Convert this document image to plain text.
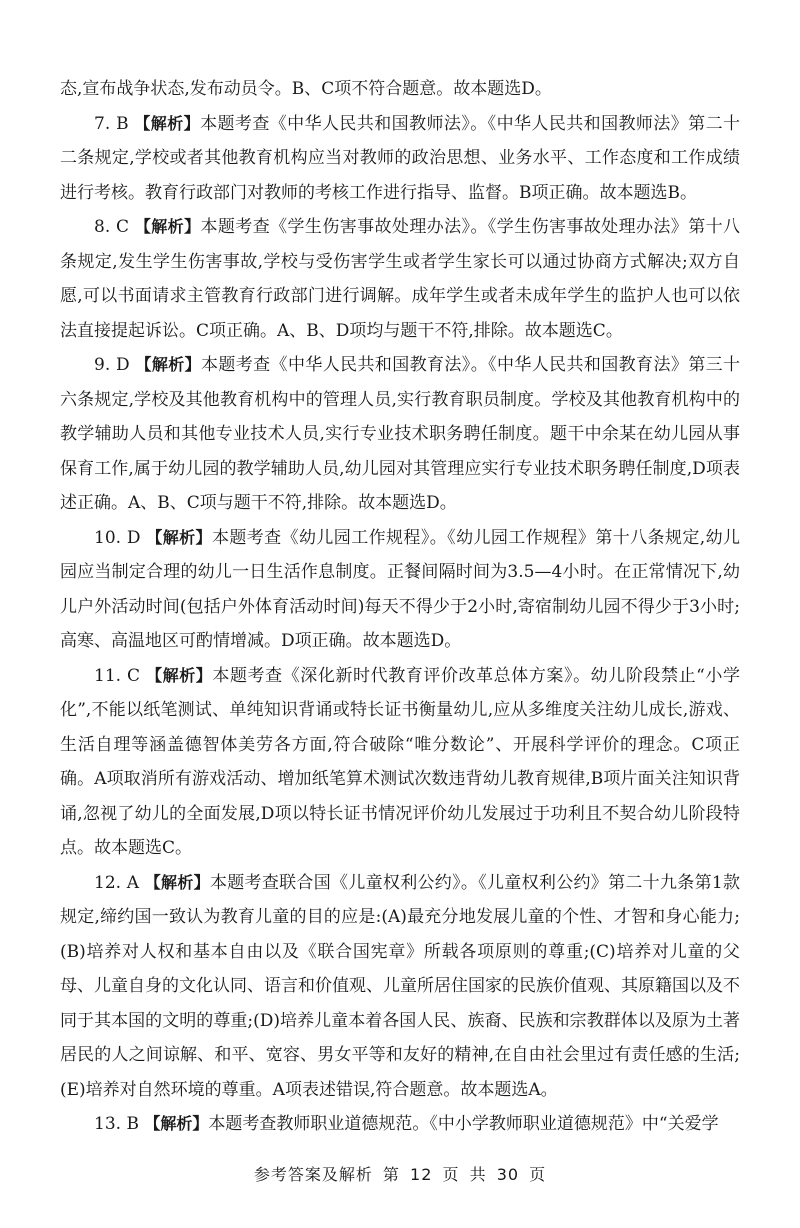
态,宣布战争状态,发布动员令。B、C项不符合题意。故本题选D。

7. B 【解析】本题考查《中华人民共和国教师法》。《中华人民共和国教师法》第二十二条规定,学校或者其他教育机构应当对教师的政治思想、业务水平、工作态度和工作成绩进行考核。教育行政部门对教师的考核工作进行指导、监督。B项正确。故本题选B。

8. C 【解析】本题考查《学生伤害事故处理办法》。《学生伤害事故处理办法》第十八条规定,发生学生伤害事故,学校与受伤害学生或者学生家长可以通过协商方式解决;双方自愿,可以书面请求主管教育行政部门进行调解。成年学生或者未成年学生的监护人也可以依法直接提起诉讼。C项正确。A、B、D项均与题干不符,排除。故本题选C。

9. D 【解析】本题考查《中华人民共和国教育法》。《中华人民共和国教育法》第三十六条规定,学校及其他教育机构中的管理人员,实行教育职员制度。学校及其他教育机构中的教学辅助人员和其他专业技术人员,实行专业技术职务聘任制度。题干中余某在幼儿园从事保育工作,属于幼儿园的教学辅助人员,幼儿园对其管理应实行专业技术职务聘任制度,D项表述正确。A、B、C项与题干不符,排除。故本题选D。

10. D 【解析】本题考查《幼儿园工作规程》。《幼儿园工作规程》第十八条规定,幼儿园应当制定合理的幼儿一日生活作息制度。正餐间隔时间为3.5—4小时。在正常情况下,幼儿户外活动时间(包括户外体育活动时间)每天不得少于2小时,寄宿制幼儿园不得少于3小时;高寒、高温地区可酌情增减。D项正确。故本题选D。

11. C 【解析】本题考查《深化新时代教育评价改革总体方案》。幼儿阶段禁止“小学化”,不能以纸笔测试、单纯知识背诵或特长证书衡量幼儿,应从多维度关注幼儿成长,游戏、生活自理等涵盖德智体美劳各方面,符合破除“唯分数论”、开展科学评价的理念。C项正确。A项取消所有游戏活动、增加纸笔算术测试次数违背幼儿教育规律,B项片面关注知识背诵,忽视了幼儿的全面发展,D项以特长证书情况评价幼儿发展过于功利且不契合幼儿阶段特点。故本题选C。

12. A 【解析】本题考查联合国《儿童权利公约》。《儿童权利公约》第二十九条第1款规定,缔约国一致认为教育儿童的目的应是:(A)最充分地发展儿童的个性、才智和身心能力;(B)培养对人权和基本自由以及《联合国宪章》所载各项原则的尊重;(C)培养对儿童的父母、儿童自身的文化认同、语言和价值观、儿童所居住国家的民族价值观、其原籍国以及不同于其本国的文明的尊重;(D)培养儿童本着各国人民、族裔、民族和宗教群体以及原为土著居民的人之间谅解、和平、宽容、男女平等和友好的精神,在自由社会里过有责任感的生活;(E)培养对自然环境的尊重。A项表述错误,符合题意。故本题选A。

13. B 【解析】本题考查教师职业道德规范。《中小学教师职业道德规范》中“关爱学

参考答案及解析 第 12 页 共 30 页
